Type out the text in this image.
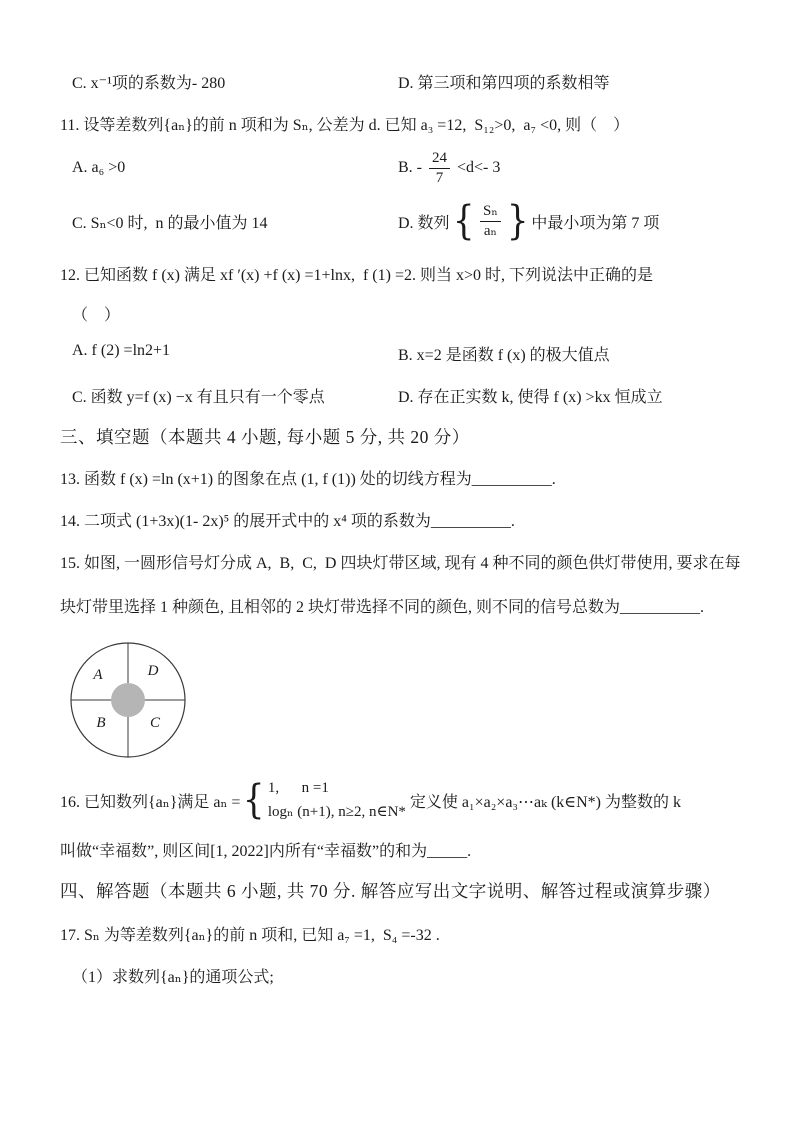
C. x⁻¹项的系数为- 280	D. 第三项和第四项的系数相等
11. 设等差数列{aₙ}的前 n 项和为 Sₙ, 公差为 d. 已知 a₃ =12,  S₁₂>0,  a₇ <0, 则（    ）
A. a₆ >0	B. - $\frac{24}{7} <d<-$ 3
C. Sₙ<0 时,  n 的最小值为 14	D. 数列 { $\frac{\text{Sₙ}}{\text{aₙ}}$ } 中最小项为第 7 项
12. 已知函数 f (x) 满足 xf ′(x) +f (x) =1+lnx,  f (1) =2. 则当 x>0 时, 下列说法中正确的是
（    ）
A. f (2) =ln2+1	B. x=2 是函数 f (x) 的极大值点
C. 函数 y=f (x) −x 有且只有一个零点	D. 存在正实数 k, 使得 f (x) >kx 恒成立
三、填空题（本题共 4 小题, 每小题 5 分, 共 20 分）
13. 函数 f (x) =ln (x+1) 的图象在点 (1, f (1)) 处的切线方程为__________.
14. 二项式 (1+3x)(1- 2x)⁵ 的展开式中的 x⁴ 项的系数为__________.
15. 如图, 一圆形信号灯分成 A,  B,  C,  D 四块灯带区域, 现有 4 种不同的颜色供灯带使用, 要求在每
块灯带里选择 1 种颜色, 且相邻的 2 块灯带选择不同的颜色, 则不同的信号总数为__________.
16. 已知数列{aₙ}满足 aₙ = { 1,      n =1
logₙ (n+1), n≥2, n∈N*
定义使 a₁×a₂×a₃⋯aₖ (k∈N*) 为整数的 k
叫做“幸福数”, 则区间[1, 2022]内所有“幸福数”的和为_____.
四、解答题（本题共 6 小题, 共 70 分. 解答应写出文字说明、解答过程或演算步骤）
17. Sₙ 为等差数列{aₙ}的前 n 项和, 已知 a₇ =1,  S₄ =-32 .
（1）求数列{aₙ}的通项公式;
A	D
B	C
